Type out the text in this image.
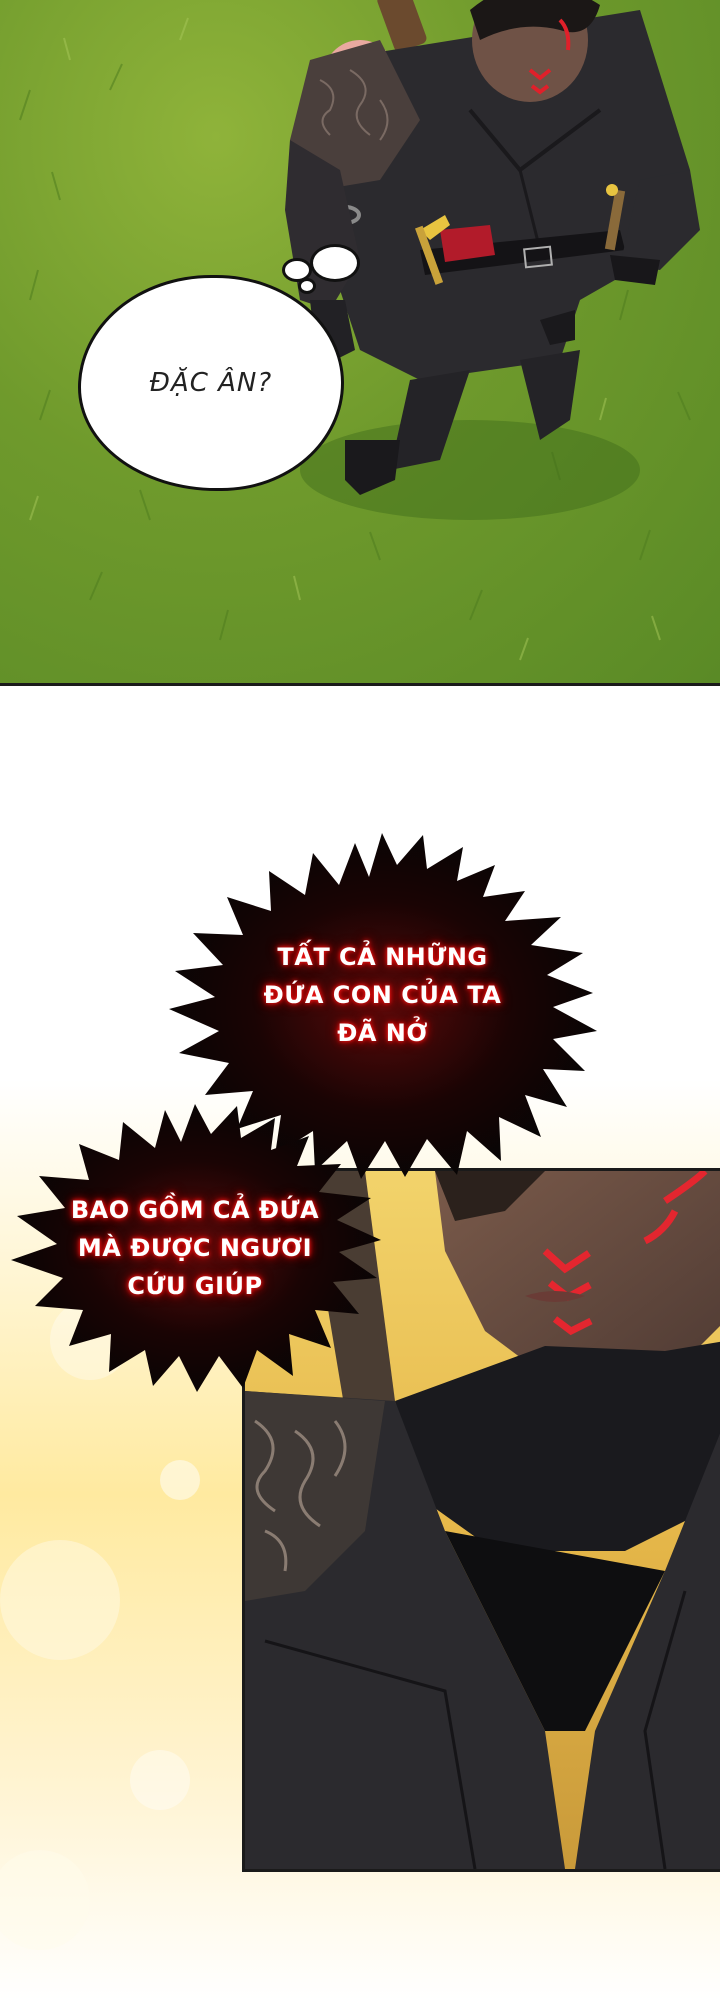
ĐẶC ÂN?
TẤT CẢ NHỮNG
ĐỨA CON CỦA TA
ĐÃ NỞ
BAO GỒM CẢ ĐỨA
MÀ ĐƯỢC NGƯƠI
CỨU GIÚP
